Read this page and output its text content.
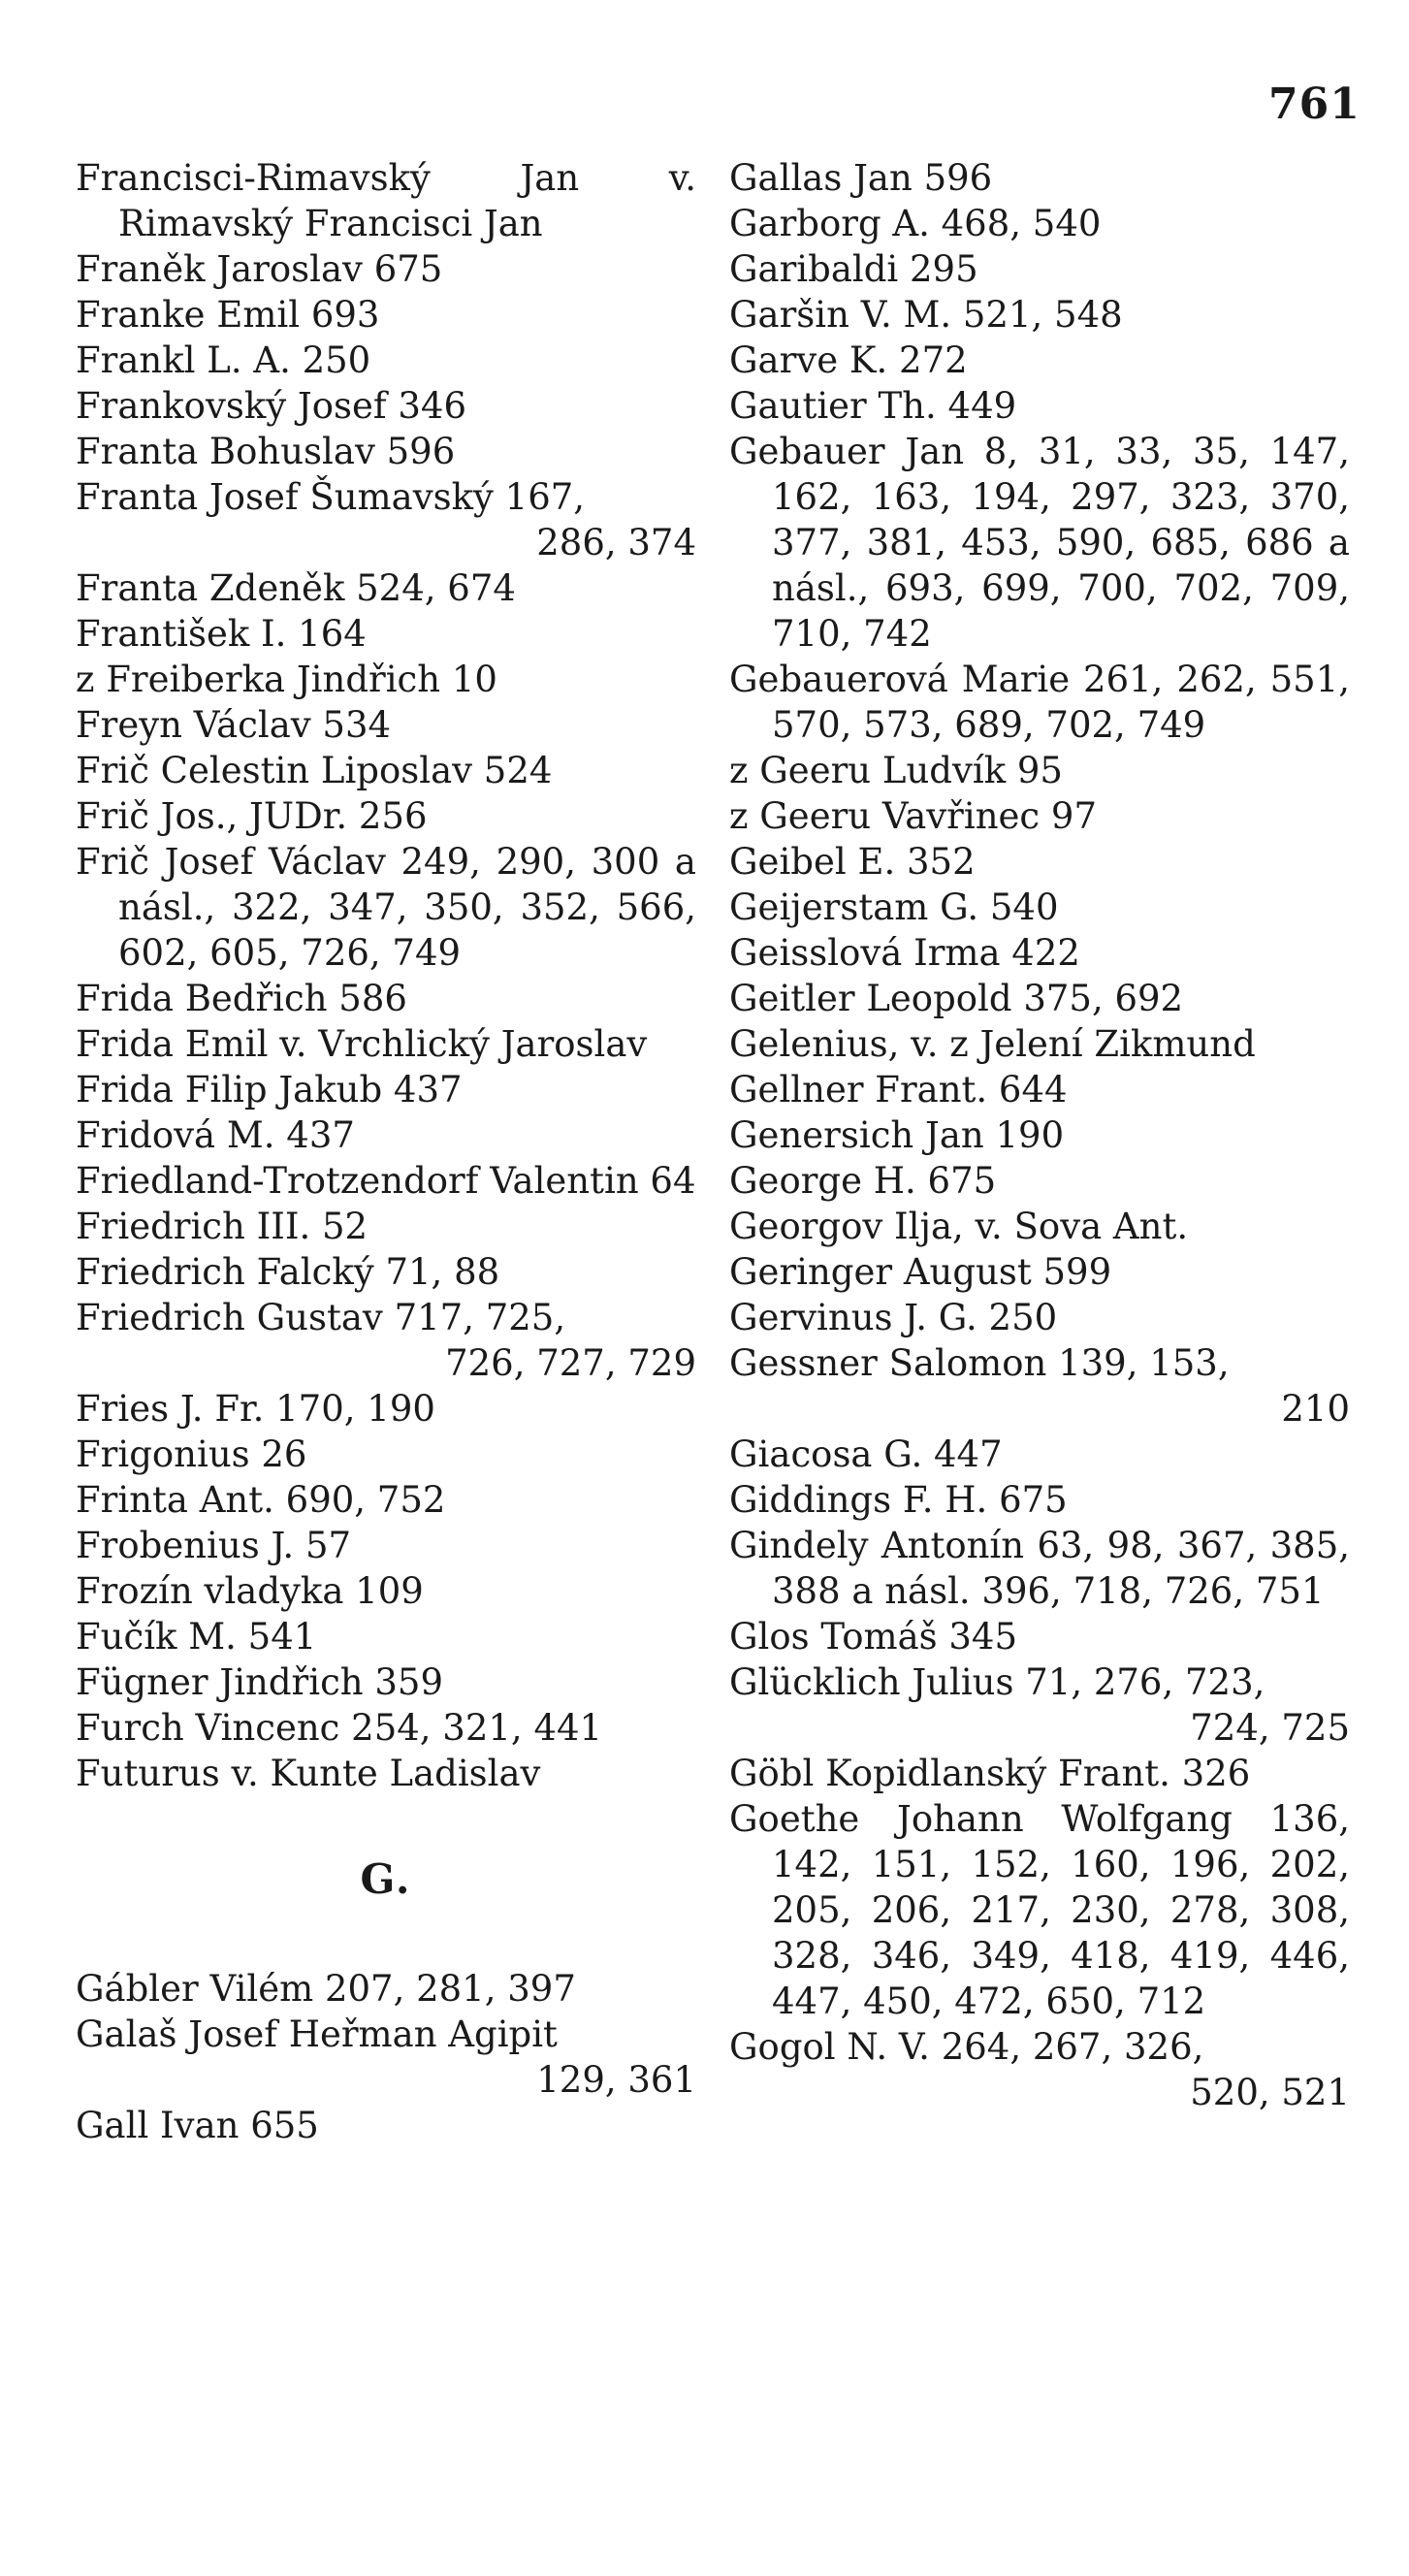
761

Francisci-Rimavský Jan v. Rimavský Francisci Jan

Franěk Jaroslav 675

Franke Emil 693

Frankl L. A. 250

Frankovský Josef 346

Franta Bohuslav 596

Franta Josef Šumavský 167,
286, 374

Franta Zdeněk 524, 674

František I. 164

z Freiberka Jindřich 10

Freyn Václav 534

Frič Celestin Liposlav 524

Frič Jos., JUDr. 256

Frič Josef Václav 249, 290, 300 a násl., 322, 347, 350, 352, 566, 602, 605, 726, 749

Frida Bedřich 586

Frida Emil v. Vrchlický Jaroslav

Frida Filip Jakub 437

Fridová M. 437

Friedland-Trotzendorf Valentin 64

Friedrich III. 52

Friedrich Falcký 71, 88

Friedrich Gustav 717, 725,
726, 727, 729

Fries J. Fr. 170, 190

Frigonius 26

Frinta Ant. 690, 752

Frobenius J. 57

Frozín vladyka 109

Fučík M. 541

Fügner Jindřich 359

Furch Vincenc 254, 321, 441

Futurus v. Kunte Ladislav

G.

Gábler Vilém 207, 281, 397

Galaš Josef Heřman Agipit
129, 361

Gall Ivan 655

Gallas Jan 596

Garborg A. 468, 540

Garibaldi 295

Garšin V. M. 521, 548

Garve K. 272

Gautier Th. 449

Gebauer Jan 8, 31, 33, 35, 147, 162, 163, 194, 297, 323, 370, 377, 381, 453, 590, 685, 686 a násl., 693, 699, 700, 702, 709, 710, 742

Gebauerová Marie 261, 262, 551, 570, 573, 689, 702, 749

z Geeru Ludvík 95

z Geeru Vavřinec 97

Geibel E. 352

Geijerstam G. 540

Geisslová Irma 422

Geitler Leopold 375, 692

Gelenius, v. z Jelení Zikmund

Gellner Frant. 644

Genersich Jan 190

George H. 675

Georgov Ilja, v. Sova Ant.

Geringer August 599

Gervinus J. G. 250

Gessner Salomon 139, 153,
210

Giacosa G. 447

Giddings F. H. 675

Gindely Antonín 63, 98, 367, 385, 388 a násl. 396, 718, 726, 751

Glos Tomáš 345

Glücklich Julius 71, 276, 723,
724, 725

Göbl Kopidlanský Frant. 326

Goethe Johann Wolfgang 136, 142, 151, 152, 160, 196, 202, 205, 206, 217, 230, 278, 308, 328, 346, 349, 418, 419, 446, 447, 450, 472, 650, 712

Gogol N. V. 264, 267, 326,
520, 521
